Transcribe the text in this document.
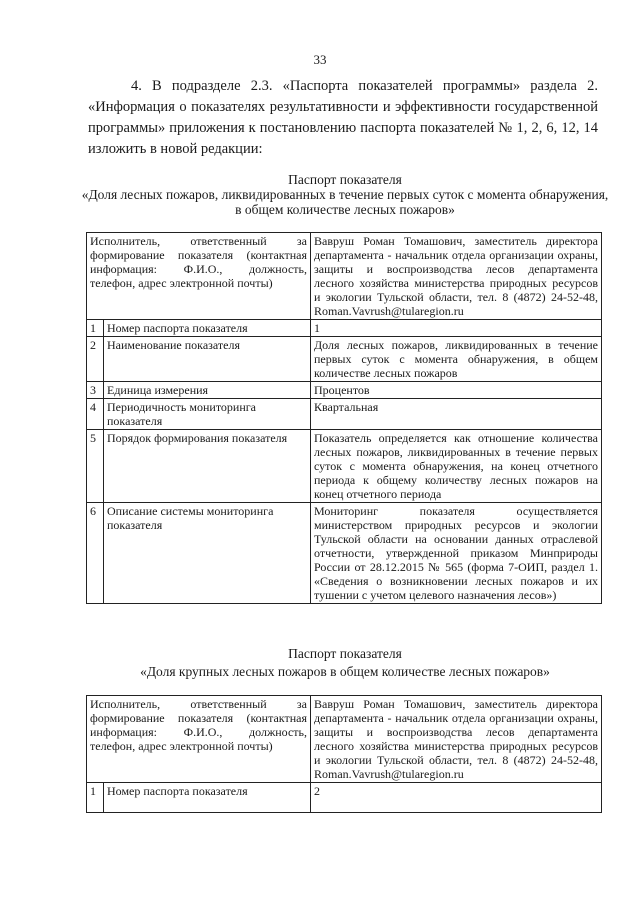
33

4. В подразделе 2.3. «Паспорта показателей программы» раздела 2. «Информация о показателях результативности и эффективности государственной программы» приложения к постановлению паспорта показателей № 1, 2, 6, 12, 14 изложить в новой редакции:

Паспорт показателя
«Доля лесных пожаров, ликвидированных в течение первых суток с момента обнаружения, в общем количестве лесных пожаров»
Исполнитель, ответственный за формирование показателя (контактная информация: Ф.И.О., должность, телефон, адрес электронной почты)		Вавруш Роман Томашович, заместитель директора департамента - начальник отдела организации охраны, защиты и воспроизводства лесов департамента лесного хозяйства министерства природных ресурсов и экологии Тульской области, тел. 8 (4872) 24-52-48, Roman.Vavrush@tularegion.ru
1	Номер паспорта показателя	1
2	Наименование показателя	Доля лесных пожаров, ликвидированных в течение первых суток с момента обнаружения, в общем количестве лесных пожаров
3	Единица измерения	Процентов
4	Периодичность мониторинга показателя	Квартальная
5	Порядок формирования показателя	Показатель определяется как отношение количества лесных пожаров, ликвидированных в течение первых суток с момента обнаружения, на конец отчетного периода к общему количеству лесных пожаров на конец отчетного периода
6	Описание системы мониторинга показателя	Мониторинг показателя осуществляется министерством природных ресурсов и экологии Тульской области на основании данных отраслевой отчетности, утвержденной приказом Минприроды России от 28.12.2015 № 565 (форма 7-ОИП, раздел 1. «Сведения о возникновении лесных пожаров и их тушении с учетом целевого назначения лесов»)
Паспорт показателя
«Доля крупных лесных пожаров в общем количестве лесных пожаров»
Исполнитель, ответственный за формирование показателя (контактная информация: Ф.И.О., должность, телефон, адрес электронной почты)		Вавруш Роман Томашович, заместитель директора департамента - начальник отдела организации охраны, защиты и воспроизводства лесов департамента лесного хозяйства министерства природных ресурсов и экологии Тульской области, тел. 8 (4872) 24-52-48, Roman.Vavrush@tularegion.ru
1	Номер паспорта показателя	2
